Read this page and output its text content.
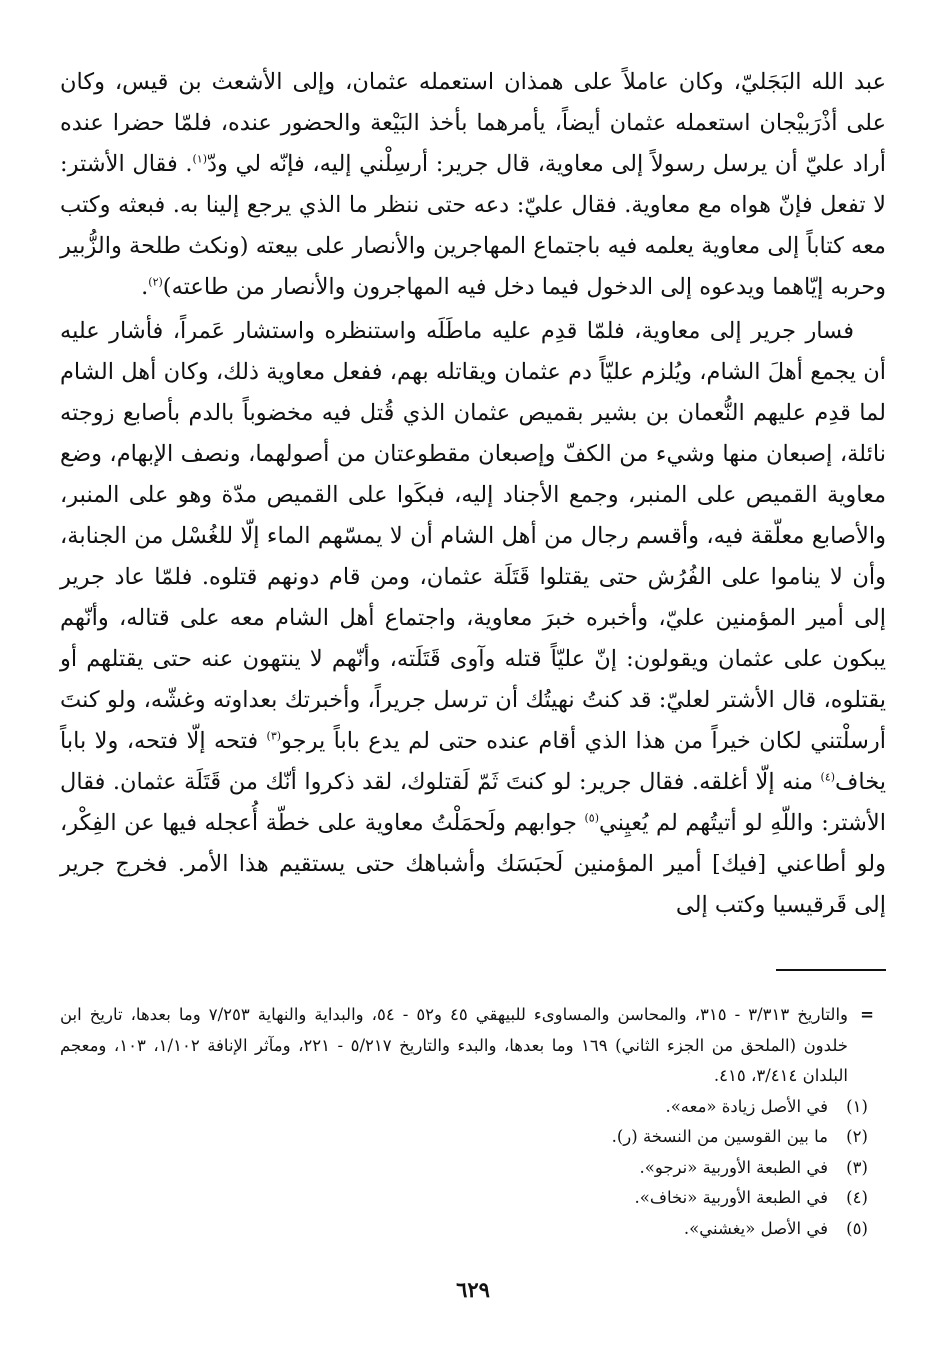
عبد الله البَجَليّ، وكان عاملاً على همذان استعمله عثمان، وإلى الأشعث بن قيس، وكان على أذْرَبيْجان استعمله عثمان أيضاً، يأمرهما بأخذ البَيْعة والحضور عنده، فلمّا حضرا عنده أراد عليّ أن يرسل رسولاً إلى معاوية، قال جرير: أرسِلْني إليه، فإنّه لي ودّ$^{(١)}$. فقال الأشتر: لا تفعل فإنّ هواه مع معاوية. فقال عليّ: دعه حتى ننظر ما الذي يرجع إلينا به. فبعثه وكتب معه كتاباً إلى معاوية يعلمه فيه باجتماع المهاجرين والأنصار على بيعته (ونكث طلحة والزُّبير وحربه إيّاهما ويدعوه إلى الدخول فيما دخل فيه المهاجرون والأنصار من طاعته)$^{(٢)}$.

فسار جرير إلى معاوية، فلمّا قدِم عليه ماطَلَه واستنظره واستشار عَمراً، فأشار عليه أن يجمع أهلَ الشام، ويُلزم عليّاً دم عثمان ويقاتله بهم، ففعل معاوية ذلك، وكان أهل الشام لما قدِم عليهم النُّعمان بن بشير بقميص عثمان الذي قُتل فيه مخضوباً بالدم بأصابع زوجته نائلة، إصبعان منها وشيء من الكفّ وإصبعان مقطوعتان من أصولهما، ونصف الإبهام، وضع معاوية القميص على المنبر، وجمع الأجناد إليه، فبكَوا على القميص مدّة وهو على المنبر، والأصابع معلّقة فيه، وأقسم رجال من أهل الشام أن لا يمسّهم الماء إلّا للغُسْل من الجنابة، وأن لا يناموا على الفُرُش حتى يقتلوا قَتَلَة عثمان، ومن قام دونهم قتلوه. فلمّا عاد جرير إلى أمير المؤمنين عليّ، وأخبره خبرَ معاوية، واجتماع أهل الشام معه على قتاله، وأنّهم يبكون على عثمان ويقولون: إنّ عليّاً قتله وآوى قَتَلَته، وأنّهم لا ينتهون عنه حتى يقتلهم أو يقتلوه، قال الأشتر لعليّ: قد كنتُ نهيتُك أن ترسل جريراً، وأخبرتك بعداوته وغشّه، ولو كنتَ أرسلْتني لكان خيراً من هذا الذي أقام عنده حتى لم يدع باباً يرجو$^{(٣)}$ فتحه إلّا فتحه، ولا باباً يخاف$^{(٤)}$ منه إلّا أغلقه. فقال جرير: لو كنتَ ثَمّ لَقتلوك، لقد ذكروا أنّك من قَتَلَة عثمان. فقال الأشتر: واللّهِ لو أتيتُهم لم يُعيِني$^{(٥)}$ جوابهم ولَحمَلْتُ معاوية على خطّة أُعجله فيها عن الفِكْر، ولو أطاعني [فيك] أمير المؤمنين لَحبَسَك وأشباهك حتى يستقيم هذا الأمر. فخرج جرير إلى قَرقيسيا وكتب إلى

=
والتاريخ ٣/٣١٣ - ٣١٥، والمحاسن والمساوىء للبيهقي ٤٥ و٥٢ - ٥٤، والبداية والنهاية ٧/٢٥٣ وما بعدها، تاريخ ابن خلدون (الملحق من الجزء الثاني) ١٦٩ وما بعدها، والبدء والتاريخ ٥/٢١٧ - ٢٢١، ومآثر الإنافة ١/١٠٢، ١٠٣، ومعجم البلدان ٣/٤١٤، ٤١٥.
(١)
في الأصل زيادة «معه».
(٢)
ما بين القوسين من النسخة (ر).
(٣)
في الطبعة الأوربية «نرجو».
(٤)
في الطبعة الأوربية «نخاف».
(٥)
في الأصل «يغشني».
٦٢٩
